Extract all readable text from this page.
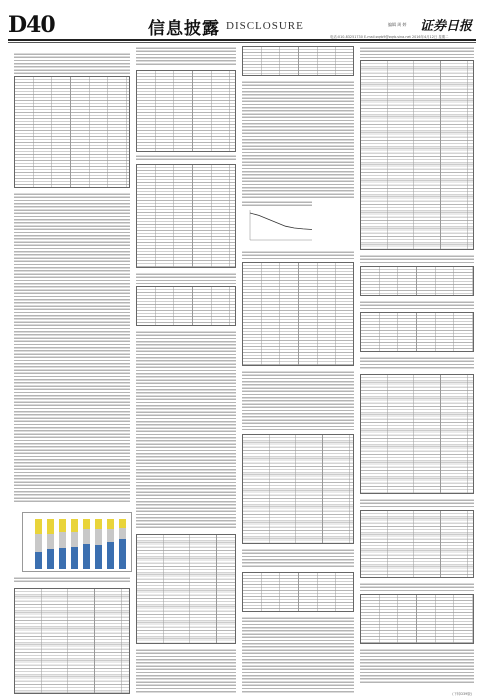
D40	信息披露 DISCLOSURE	编辑 周 婷 证券日报
电话:010-83251730 E-mail:zqrb9@zqrb.sina.net 2016年4月12日 星期二
(下转D39版)
